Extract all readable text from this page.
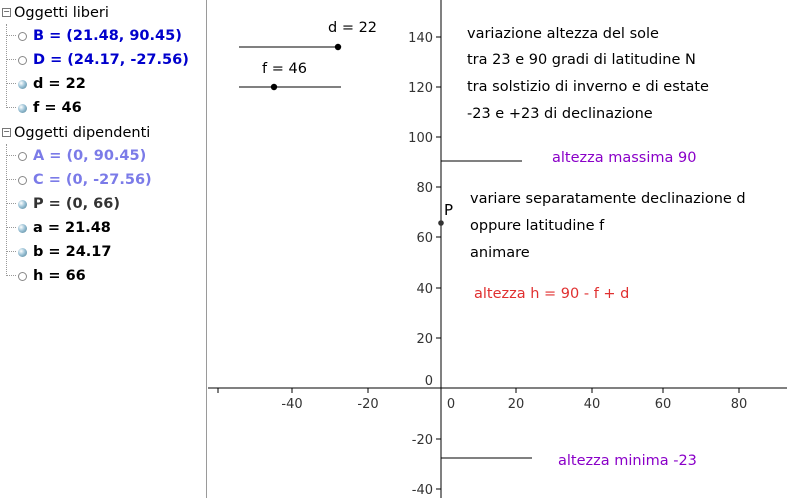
− Oggetti liberi
B = (21.48, 90.45)
D = (24.17, -27.56)
d = 22
f = 46
− Oggetti dipendenti
A = (0, 90.45)
C = (0, -27.56)
P = (0, 66)
a = 21.48
b = 24.17
h = 66
-40	-20	0	20	40	60	80
140
120
100
80
60
40
20
0
-20
-40
d = 22
f = 46
P
variazione altezza del sole
tra 23 e 90 gradi di latitudine N
tra solstizio di inverno e di estate
-23 e +23 di declinazione
altezza massima 90
variare separatamente declinazione d
oppure latitudine f
animare
altezza h = 90 - f + d
altezza minima -23
